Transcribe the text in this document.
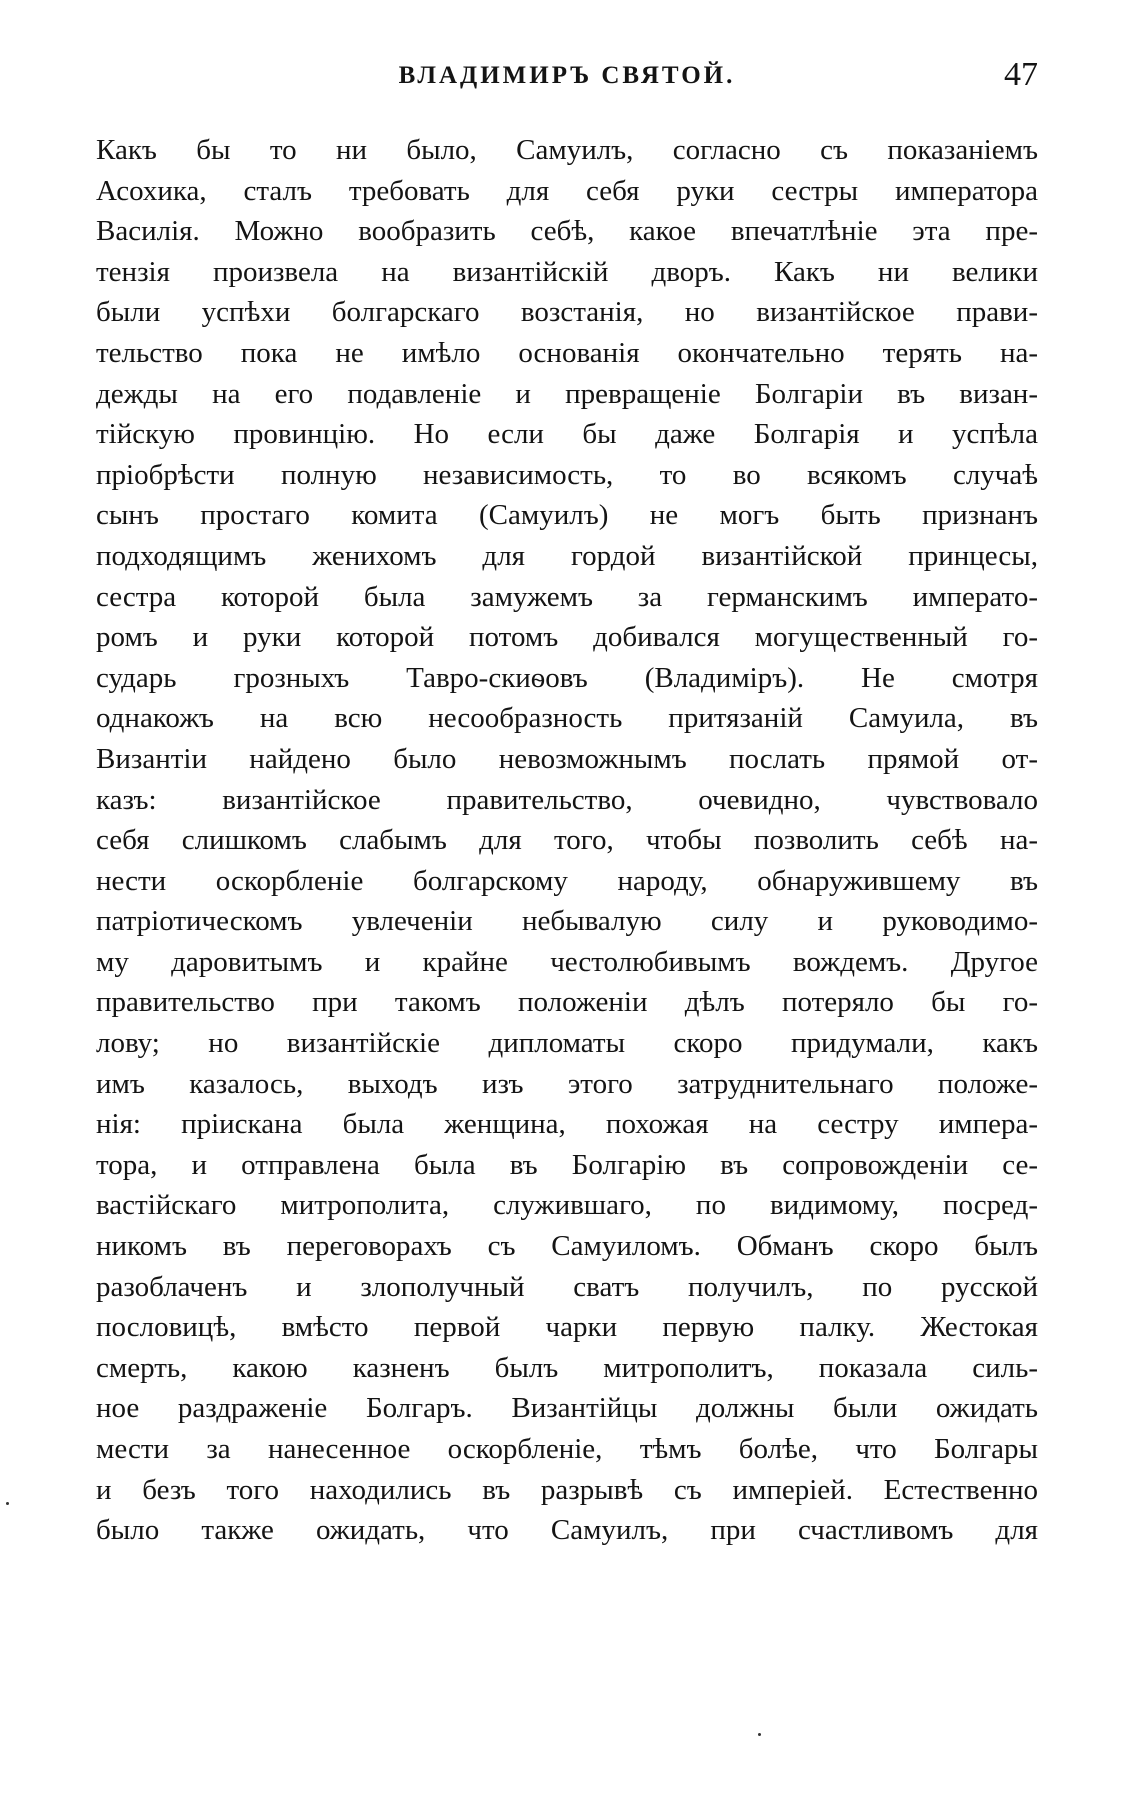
ВЛАДИМИРЪ СВЯТОЙ.	47
Какъ бы то ни было, Самуилъ, согласно съ показаніемъ
Асохика, сталъ требовать для себя руки сестры императора
Василія. Можно вообразить себѣ, какое впечатлѣніе эта пре-
тензія произвела на византійскій дворъ. Какъ ни велики
были успѣхи болгарскаго возстанія, но византійское прави-
тельство пока не имѣло основанія окончательно терять на-
дежды на его подавленіе и превращеніе Болгаріи въ визан-
тійскую провинцію. Но если бы даже Болгарія и успѣла
пріобрѣсти полную независимость, то во всякомъ случаѣ
сынъ простаго комита (Самуилъ) не могъ быть признанъ
подходящимъ женихомъ для гордой византійской принцесы,
сестра которой была замужемъ за германскимъ императо-
ромъ и руки которой потомъ добивался могущественный го-
сударь грозныхъ Тавро-скиѳовъ (Владиміръ). Не смотря
однакожъ на всю несообразность притязаній Самуила, въ
Византіи найдено было невозможнымъ послать прямой от-
казъ: византійское правительство, очевидно, чувствовало
себя слишкомъ слабымъ для того, чтобы позволить себѣ на-
нести оскорбленіе болгарскому народу, обнаружившему въ
патріотическомъ увлеченіи небывалую силу и руководимо-
му даровитымъ и крайне честолюбивымъ вождемъ. Другое
правительство при такомъ положеніи дѣлъ потеряло бы го-
лову; но византійскіе дипломаты скоро придумали, какъ
имъ казалось, выходъ изъ этого затруднительнаго положе-
нія: пріискана была женщина, похожая на сестру импера-
тора, и отправлена была въ Болгарію въ сопровожденіи се-
вастійскаго митрополита, служившаго, по видимому, посред-
никомъ въ переговорахъ съ Самуиломъ. Обманъ скоро былъ
разоблаченъ и злополучный сватъ получилъ, по русской
пословицѣ, вмѣсто первой чарки первую палку. Жестокая
смерть, какою казненъ былъ митрополитъ, показала силь-
ное раздраженіе Болгаръ. Византійцы должны были ожидать
мести за нанесенное оскорбленіе, тѣмъ болѣе, что Болгары
и безъ того находились въ разрывѣ съ имперіей. Естественно
было также ожидать, что Самуилъ, при счастливомъ для
